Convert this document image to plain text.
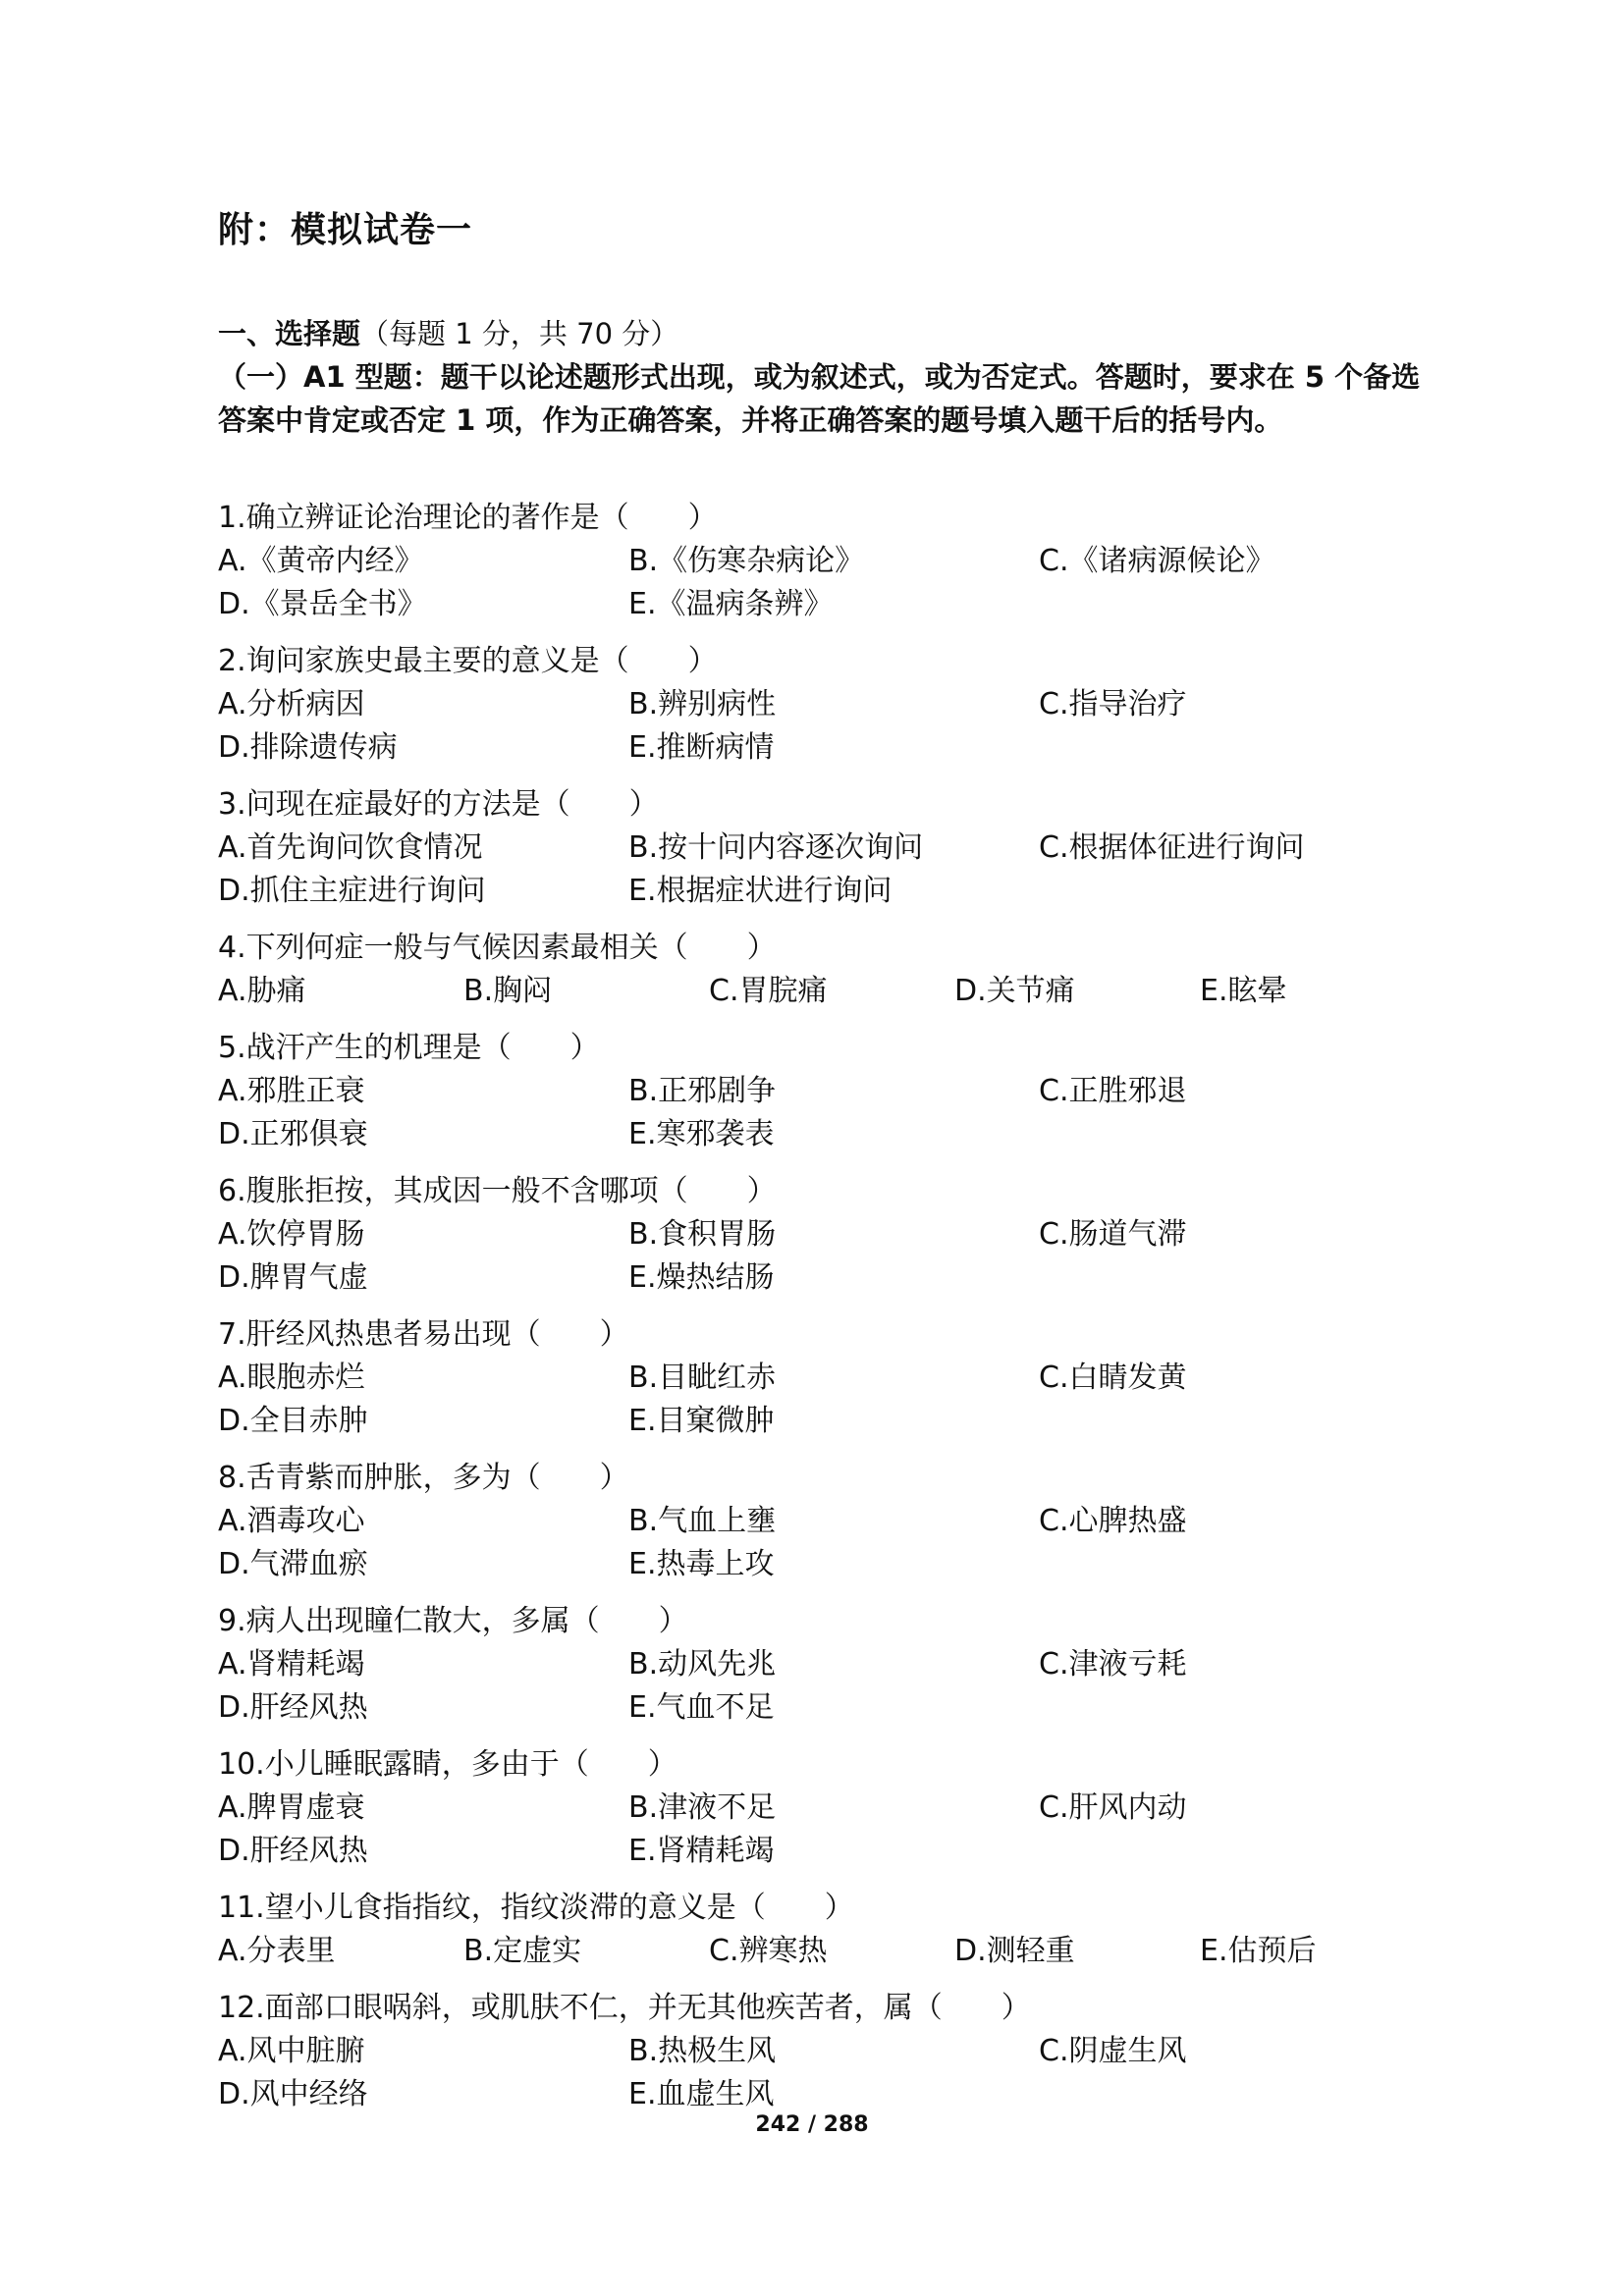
附：模拟试卷一
一、选择题（每题 1 分，共 70 分）
（一）A1 型题：题干以论述题形式出现，或为叙述式，或为否定式。答题时，要求在 5 个备选答案中肯定或否定 1 项，作为正确答案，并将正确答案的题号填入题干后的括号内。
1.确立辨证论治理论的著作是（　　）
A.《黄帝内经》	B.《伤寒杂病论》	C.《诸病源候论》
D.《景岳全书》	E.《温病条辨》
2.询问家族史最主要的意义是（　　）
A.分析病因	B.辨别病性	C.指导治疗
D.排除遗传病	E.推断病情
3.问现在症最好的方法是（　　）
A.首先询问饮食情况	B.按十问内容逐次询问	C.根据体征进行询问
D.抓住主症进行询问	E.根据症状进行询问
4.下列何症一般与气候因素最相关（　　）
A.胁痛	B.胸闷	C.胃脘痛	D.关节痛	E.眩晕
5.战汗产生的机理是（　　）
A.邪胜正衰	B.正邪剧争	C.正胜邪退
D.正邪俱衰	E.寒邪袭表
6.腹胀拒按，其成因一般不含哪项（　　）
A.饮停胃肠	B.食积胃肠	C.肠道气滞
D.脾胃气虚	E.燥热结肠
7.肝经风热患者易出现（　　）
A.眼胞赤烂	B.目眦红赤	C.白睛发黄
D.全目赤肿	E.目窠微肿
8.舌青紫而肿胀，多为（　　）
A.酒毒攻心	B.气血上壅	C.心脾热盛
D.气滞血瘀	E.热毒上攻
9.病人出现瞳仁散大，多属（　　）
A.肾精耗竭	B.动风先兆	C.津液亏耗
D.肝经风热	E.气血不足
10.小儿睡眠露睛，多由于（　　）
A.脾胃虚衰	B.津液不足	C.肝风内动
D.肝经风热	E.肾精耗竭
11.望小儿食指指纹，指纹淡滞的意义是（　　）
A.分表里	B.定虚实	C.辨寒热	D.测轻重	E.估预后
12.面部口眼㖞斜，或肌肤不仁，并无其他疾苦者，属（　　）
A.风中脏腑	B.热极生风	C.阴虚生风
D.风中经络	E.血虚生风
242 / 288
